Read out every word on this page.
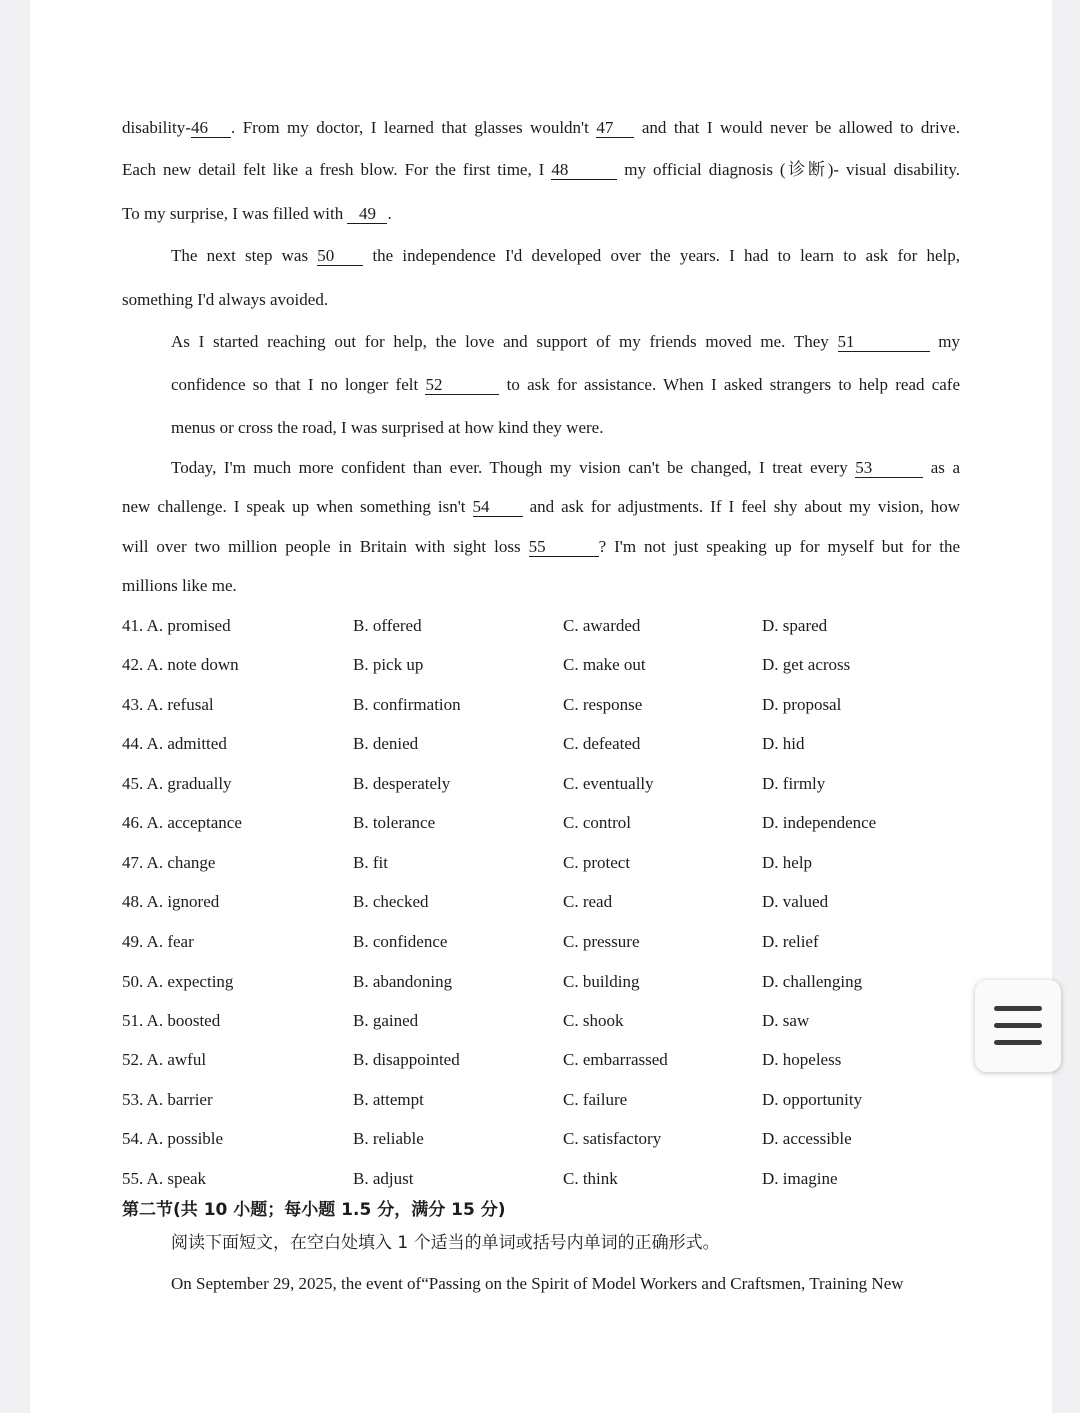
disability-46 . From my doctor, I learned that glasses wouldn't 47 and that I would never be allowed to drive.
Each new detail felt like a fresh blow. For the first time, I 48	my official diagnosis (诊断)- visual disability.
To my surprise, I was filled with 49 .
The next step was 50 the independence I'd developed over the years. I had to learn to ask for help,
something I'd always avoided.
As I started reaching out for help, the love and support of my friends moved me. They 51	my
confidence so that I no longer felt 52	to ask for assistance. When I asked strangers to help read cafe
menus or cross the road, I was surprised at how kind they were.
Today, I'm much more confident than ever. Though my vision can't be changed, I treat every 53	as a
new challenge. I speak up when something isn't 54 and ask for adjustments. If I feel shy about my vision, how
will over two million people in Britain with sight loss 55	? I'm not just speaking up for myself but for the
millions like me.
41. A. promised	B. offered	C. awarded	D. spared
42. A. note down	B. pick up	C. make out	D. get across
43. A. refusal	B. confirmation	C. response	D. proposal
44. A. admitted	B. denied	C. defeated	D. hid
45. A. gradually	B. desperately	C. eventually	D. firmly
46. A. acceptance	B. tolerance	C. control	D. independence
47. A. change	B. fit	C. protect	D. help
48. A. ignored	B. checked	C. read	D. valued
49. A. fear	B. confidence	C. pressure	D. relief
50. A. expecting	B. abandoning	C. building	D. challenging
51. A. boosted	B. gained	C. shook	D. saw
52. A. awful	B. disappointed	C. embarrassed	D. hopeless
53. A. barrier	B. attempt	C. failure	D. opportunity
54. A. possible	B. reliable	C. satisfactory	D. accessible
55. A. speak	B. adjust	C. think	D. imagine
第二节(共 10 小题；每小题 1.5 分，满分 15 分)
阅读下面短文，在空白处填入 1 个适当的单词或括号内单词的正确形式。
On September 29, 2025, the event of“Passing on the Spirit of Model Workers and Craftsmen, Training New
